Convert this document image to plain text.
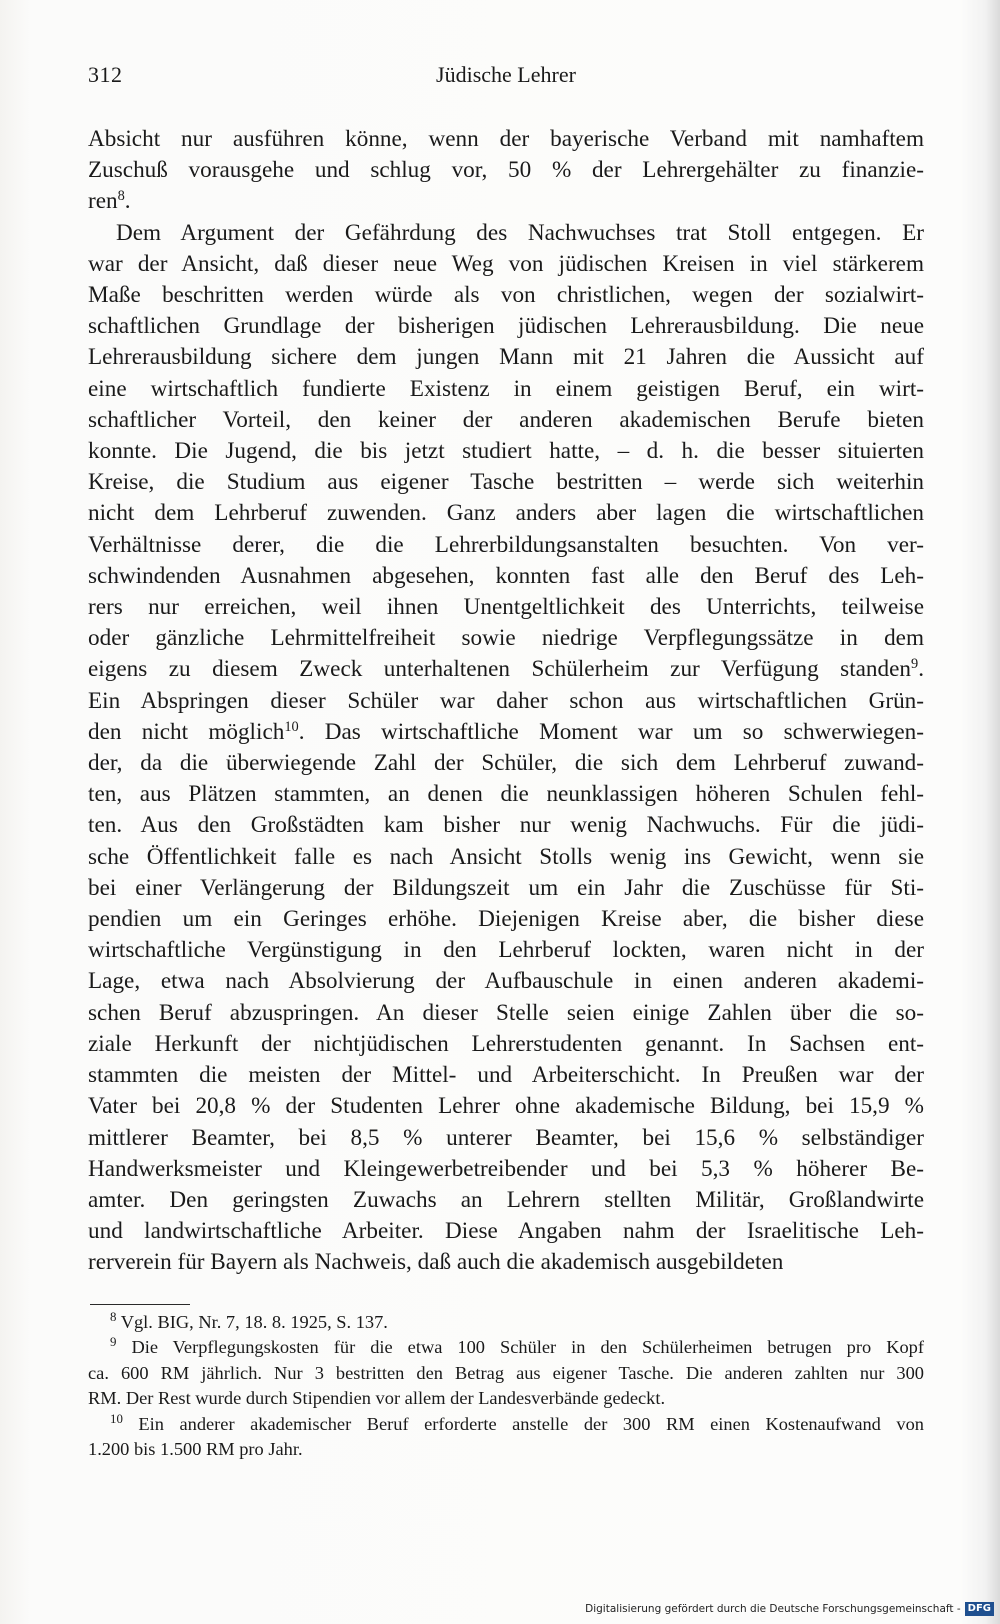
312	Jüdische Lehrer
Absicht nur ausführen könne, wenn der bayerische Verband mit namhaftem
Zuschuß vorausgehe und schlug vor, 50 % der Lehrergehälter zu finanzie-
ren$^8$.
Dem Argument der Gefährdung des Nachwuchses trat Stoll entgegen. Er
war der Ansicht, daß dieser neue Weg von jüdischen Kreisen in viel stärkerem
Maße beschritten werden würde als von christlichen, wegen der sozialwirt-
schaftlichen Grundlage der bisherigen jüdischen Lehrerausbildung. Die neue
Lehrerausbildung sichere dem jungen Mann mit 21 Jahren die Aussicht auf
eine wirtschaftlich fundierte Existenz in einem geistigen Beruf, ein wirt-
schaftlicher Vorteil, den keiner der anderen akademischen Berufe bieten
konnte. Die Jugend, die bis jetzt studiert hatte, – d. h. die besser situierten
Kreise, die Studium aus eigener Tasche bestritten – werde sich weiterhin
nicht dem Lehrberuf zuwenden. Ganz anders aber lagen die wirtschaftlichen
Verhältnisse derer, die die Lehrerbildungsanstalten besuchten. Von ver-
schwindenden Ausnahmen abgesehen, konnten fast alle den Beruf des Leh-
rers nur erreichen, weil ihnen Unentgeltlichkeit des Unterrichts, teilweise
oder gänzliche Lehrmittelfreiheit sowie niedrige Verpflegungssätze in dem
eigens zu diesem Zweck unterhaltenen Schülerheim zur Verfügung standen$^9$.
Ein Abspringen dieser Schüler war daher schon aus wirtschaftlichen Grün-
den nicht möglich$^{10}$. Das wirtschaftliche Moment war um so schwerwiegen-
der, da die überwiegende Zahl der Schüler, die sich dem Lehrberuf zuwand-
ten, aus Plätzen stammten, an denen die neunklassigen höheren Schulen fehl-
ten. Aus den Großstädten kam bisher nur wenig Nachwuchs. Für die jüdi-
sche Öffentlichkeit falle es nach Ansicht Stolls wenig ins Gewicht, wenn sie
bei einer Verlängerung der Bildungszeit um ein Jahr die Zuschüsse für Sti-
pendien um ein Geringes erhöhe. Diejenigen Kreise aber, die bisher diese
wirtschaftliche Vergünstigung in den Lehrberuf lockten, waren nicht in der
Lage, etwa nach Absolvierung der Aufbauschule in einen anderen akademi-
schen Beruf abzuspringen. An dieser Stelle seien einige Zahlen über die so-
ziale Herkunft der nichtjüdischen Lehrerstudenten genannt. In Sachsen ent-
stammten die meisten der Mittel- und Arbeiterschicht. In Preußen war der
Vater bei 20,8 % der Studenten Lehrer ohne akademische Bildung, bei 15,9 %
mittlerer Beamter, bei 8,5 % unterer Beamter, bei 15,6 % selbständiger
Handwerksmeister und Kleingewerbetreibender und bei 5,3 % höherer Be-
amter. Den geringsten Zuwachs an Lehrern stellten Militär, Großlandwirte
und landwirtschaftliche Arbeiter. Diese Angaben nahm der Israelitische Leh-
rerverein für Bayern als Nachweis, daß auch die akademisch ausgebildeten
$^8$ Vgl. BIG, Nr. 7, 18. 8. 1925, S. 137.
$^9$ Die Verpflegungskosten für die etwa 100 Schüler in den Schülerheimen betrugen pro Kopf
ca. 600 RM jährlich. Nur 3 bestritten den Betrag aus eigener Tasche. Die anderen zahlten nur 300
RM. Der Rest wurde durch Stipendien vor allem der Landesverbände gedeckt.
$^{10}$ Ein anderer akademischer Beruf erforderte anstelle der 300 RM einen Kostenaufwand von
1.200 bis 1.500 RM pro Jahr.
Digitalisierung gefördert durch die Deutsche Forschungsgemeinschaft - DFG
